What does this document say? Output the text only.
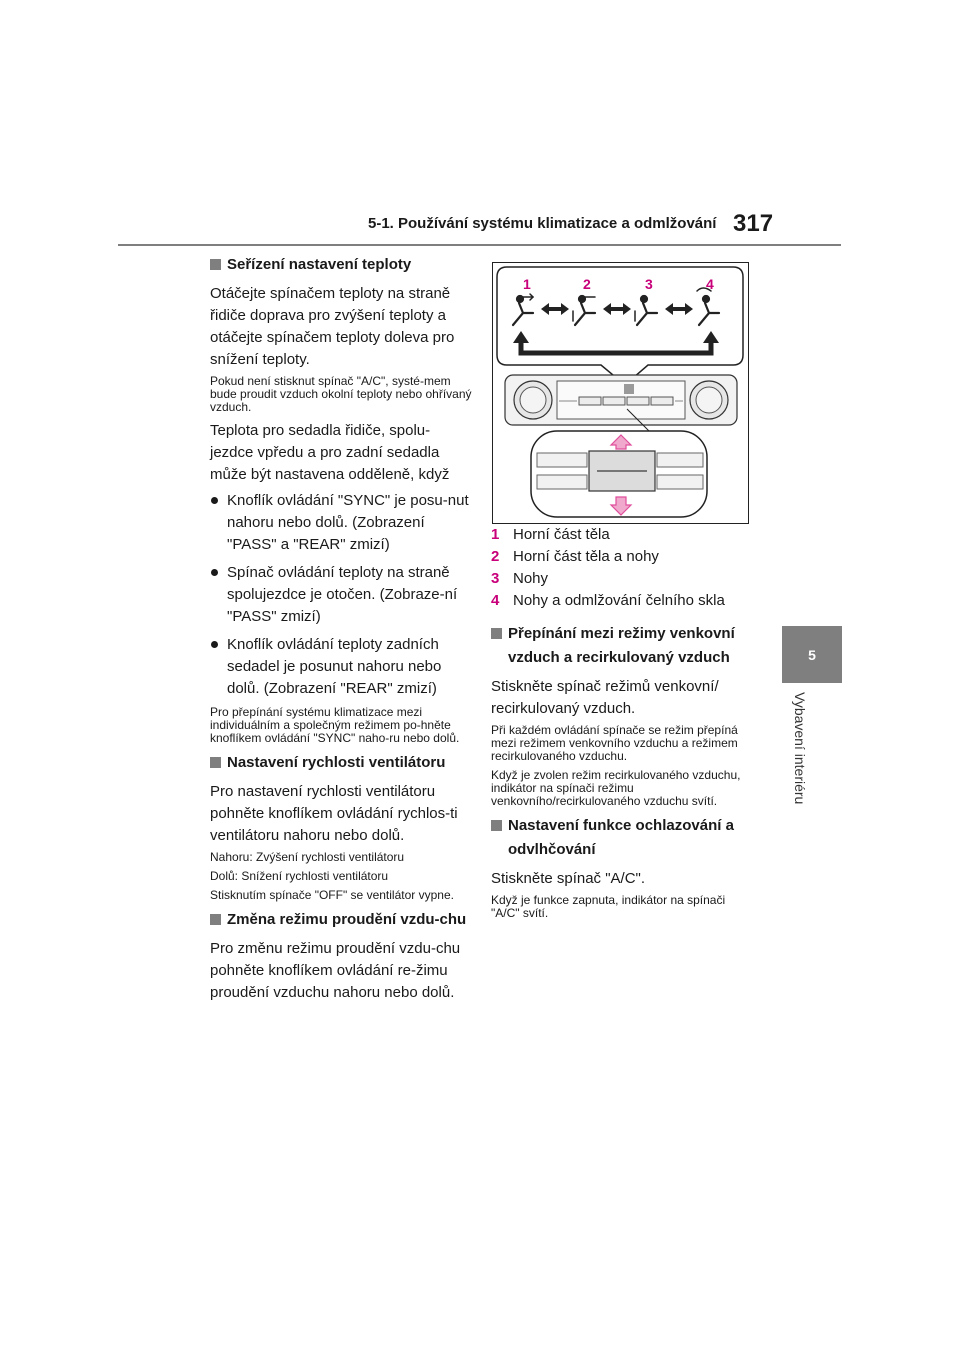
5-1. Používání systému klimatizace a odmlžování 317
5
Vybavení interiéru
Seřízení nastavení teploty

Otáčejte spínačem teploty na straně řidiče doprava pro zvýšení teploty a otáčejte spínačem teploty doleva pro snížení teploty.

Pokud není stisknut spínač "A/C", systé-mem bude proudit vzduch okolní teploty nebo ohřívaný vzduch.

Teplota pro sedadla řidiče, spolu-jezdce vpředu a pro zadní sedadla může být nastavena odděleně, když

Knoflík ovládání "SYNC" je posu-nut nahoru nebo dolů. (Zobrazení "PASS" a "REAR" zmizí)
Spínač ovládání teploty na straně spolujezdce je otočen. (Zobraze-ní "PASS" zmizí)
Knoflík ovládání teploty zadních sedadel je posunut nahoru nebo dolů. (Zobrazení "REAR" zmizí)

Pro přepínání systému klimatizace mezi individuálním a společným režimem po-hněte knoflíkem ovládání "SYNC" naho-ru nebo dolů.

Nastavení rychlosti ventilátoru

Pro nastavení rychlosti ventilátoru pohněte knoflíkem ovládání rychlos-ti ventilátoru nahoru nebo dolů.

Nahoru: Zvýšení rychlosti ventilátoru

Dolů: Snížení rychlosti ventilátoru

Stisknutím spínače "OFF" se ventilátor vypne.

Změna režimu proudění vzdu-chu

Pro změnu režimu proudění vzdu-chu pohněte knoflíkem ovládání re-žimu proudění vzduchu nahoru nebo dolů.

1	2	3	4
1 Horní část těla
2 Horní část těla a nohy
3 Nohy
4 Nohy a odmlžování čelního skla
Přepínání mezi režimy venkovní vzduch a recirkulovaný vzduch

Stiskněte spínač režimů venkovní/ recirkulovaný vzduch.

Při každém ovládání spínače se režim přepíná mezi režimem venkovního vzduchu a režimem recirkulovaného vzduchu.

Když je zvolen režim recirkulovaného vzduchu, indikátor na spínači režimu venkovního/recirkulovaného vzduchu svítí.

Nastavení funkce ochlazování a odvlhčování

Stiskněte spínač "A/C".

Když je funkce zapnuta, indikátor na spínači "A/C" svítí.
